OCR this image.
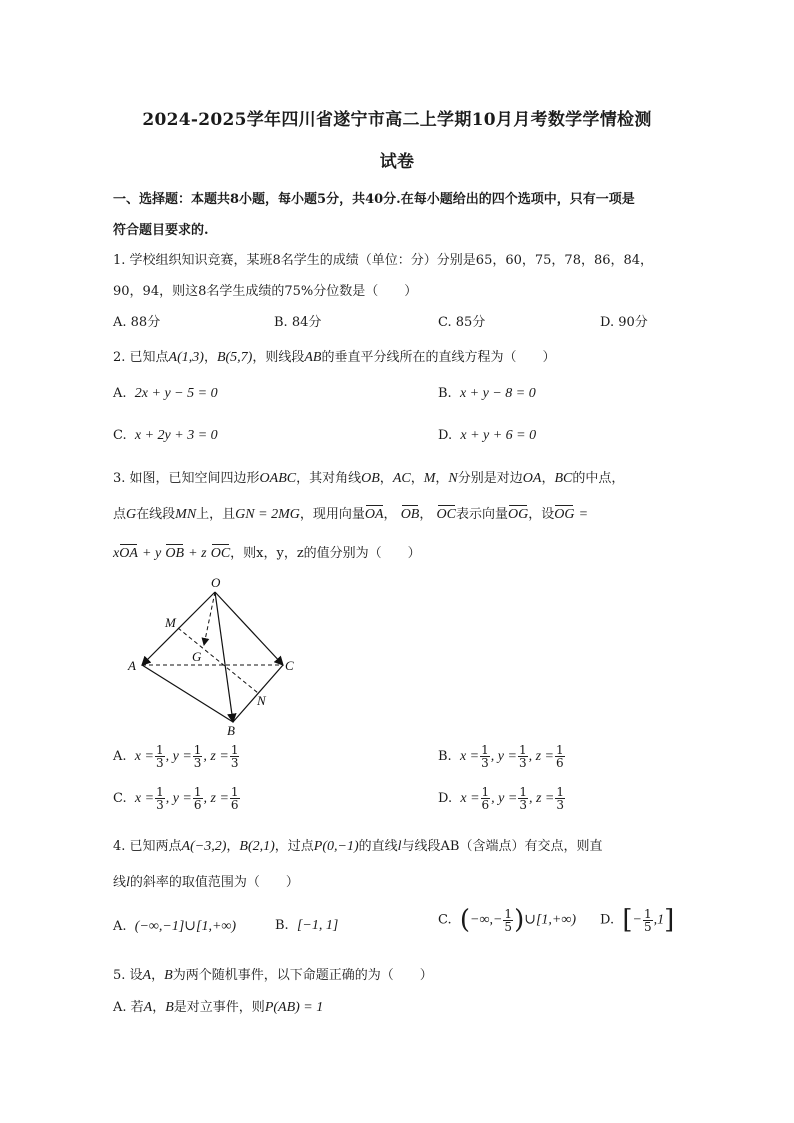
2024-2025学年四川省遂宁市高二上学期10月月考数学学情检测
试卷
一、选择题：本题共8小题，每小题5分，共40分.在每小题给出的四个选项中，只有一项是
符合题目要求的.
1. 学校组织知识竞赛，某班8名学生的成绩（单位：分）分别是65，60，75，78，86，84，
90，94，则这8名学生成绩的75%分位数是（　　）
A. 88分	B. 84分	C. 85分	D. 90分
2. 已知点A(1,3)，B(5,7)，则线段AB的垂直平分线所在的直线方程为（　　）
A. 2x + y − 5 = 0	B. x + y − 8 = 0
C. x + 2y + 3 = 0	D. x + y + 6 = 0
3. 如图，已知空间四边形OABC，其对角线OB，AC，M，N分别是对边OA，BC的中点，
点G在线段MN上，且GN = 2MG，现用向量OA， OB， OC表示向量OG，设OG =
xOA + y OB + z OC，则x，y，z的值分别为（　　）
O
M
G
A	C
N
B
A. $x = \frac{1}{3}$ , $y = \frac{1}{3}$ , $z = \frac{1}{3}$	B. $x = \frac{1}{3}$ , $y = \frac{1}{3}$ , $z = \frac{1}{6}$
C. $x = \frac{1}{3}$ , $y = \frac{1}{6}$ , $z = \frac{1}{6}$	D. $x = \frac{1}{6}$ , $y = \frac{1}{3}$ , $z = \frac{1}{3}$
4. 已知两点A(−3,2)，B(2,1)，过点P(0,−1)的直线l与线段AB（含端点）有交点，则直
线l的斜率的取值范围为（　　）
A. (−∞,−1]∪[1,+∞)	B. [−1, 1]	C. (−∞,− $\frac{1}{5}$ )∪[1,+∞) D. [− $\frac{1}{5} ,1$]
5. 设A，B为两个随机事件，以下命题正确的为（　　）
A. 若A，B是对立事件，则P(AB) = 1
